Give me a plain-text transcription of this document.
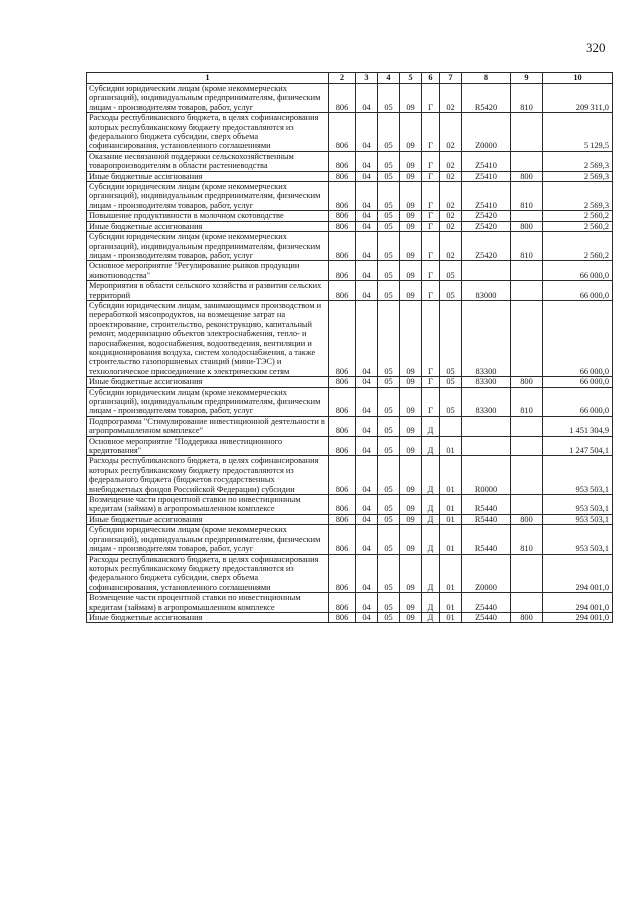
320
1	2	3	4	5	6	7	8	9	10
Субсидии юридическим лицам (кроме некоммерческих организаций), индивидуальным предпринимателям, физическим лицам - производителям товаров, работ, услуг	806	04	05	09	Г	02	R5420	810	209 311,0
Расходы республиканского бюджета, в целях софинансирования которых республиканскому бюджету предоставляются из федерального бюджета субсидии, сверх объема софинансирования, установленного соглашениями	806	04	05	09	Г	02	Z0000		5 129,5
Оказание несвязанной поддержки сельскохозяйственным товаропроизводителям в области растениеводства	806	04	05	09	Г	02	Z5410		2 569,3
Иные бюджетные ассигнования	806	04	05	09	Г	02	Z5410	800	2 569,3
Субсидии юридическим лицам (кроме некоммерческих организаций), индивидуальным предпринимателям, физическим лицам - производителям товаров, работ, услуг	806	04	05	09	Г	02	Z5410	810	2 569,3
Повышение продуктивности в молочном скотоводстве	806	04	05	09	Г	02	Z5420		2 560,2
Иные бюджетные ассигнования	806	04	05	09	Г	02	Z5420	800	2 560,2
Субсидии юридическим лицам (кроме некоммерческих организаций), индивидуальным предпринимателям, физическим лицам - производителям товаров, работ, услуг	806	04	05	09	Г	02	Z5420	810	2 560,2
Основное мероприятие "Регулирование рынков продукции животноводства"	806	04	05	09	Г	05			66 000,0
Мероприятия в области сельского хозяйства и развития сельских территорий	806	04	05	09	Г	05	83000		66 000,0
Субсидии юридическим лицам, занимающимся производством и переработкой мясопродуктов, на возмещение затрат на проектирование, строительство, реконструкцию, капитальный ремонт, модернизацию объектов электроснабжения, тепло- и пароснабжения, водоснабжения, водоотведения, вентиляции и кондиционирования воздуха, систем холодоснабжения, а также строительство газопоршневых станций (мини-ТЭС) и технологическое присоединение к электрическим сетям	806	04	05	09	Г	05	83300		66 000,0
Иные бюджетные ассигнования	806	04	05	09	Г	05	83300	800	66 000,0
Субсидии юридическим лицам (кроме некоммерческих организаций), индивидуальным предпринимателям, физическим лицам - производителям товаров, работ, услуг	806	04	05	09	Г	05	83300	810	66 000,0
Подпрограмма "Стимулирование инвестиционной деятельности в агропромышленном комплексе"	806	04	05	09	Д				1 451 304,9
Основное мероприятие "Поддержка инвестиционного кредитования"	806	04	05	09	Д	01			1 247 504,1
Расходы республиканского бюджета, в целях софинансирования которых республиканскому бюджету предоставляются из федерального бюджета (бюджетов государственных внебюджетных фондов Российской Федерации) субсидии	806	04	05	09	Д	01	R0000		953 503,1
Возмещение части процентной ставки по инвестиционным кредитам (займам) в агропромышленном комплексе	806	04	05	09	Д	01	R5440		953 503,1
Иные бюджетные ассигнования	806	04	05	09	Д	01	R5440	800	953 503,1
Субсидии юридическим лицам (кроме некоммерческих организаций), индивидуальным предпринимателям, физическим лицам - производителям товаров, работ, услуг	806	04	05	09	Д	01	R5440	810	953 503,1
Расходы республиканского бюджета, в целях софинансирования которых республиканскому бюджету предоставляются из федерального бюджета субсидии, сверх объема софинансирования, установленного соглашениями	806	04	05	09	Д	01	Z0000		294 001,0
Возмещение части процентной ставки по инвестиционным кредитам (займам) в агропромышленном комплексе	806	04	05	09	Д	01	Z5440		294 001,0
Иные бюджетные ассигнования	806	04	05	09	Д	01	Z5440	800	294 001,0
